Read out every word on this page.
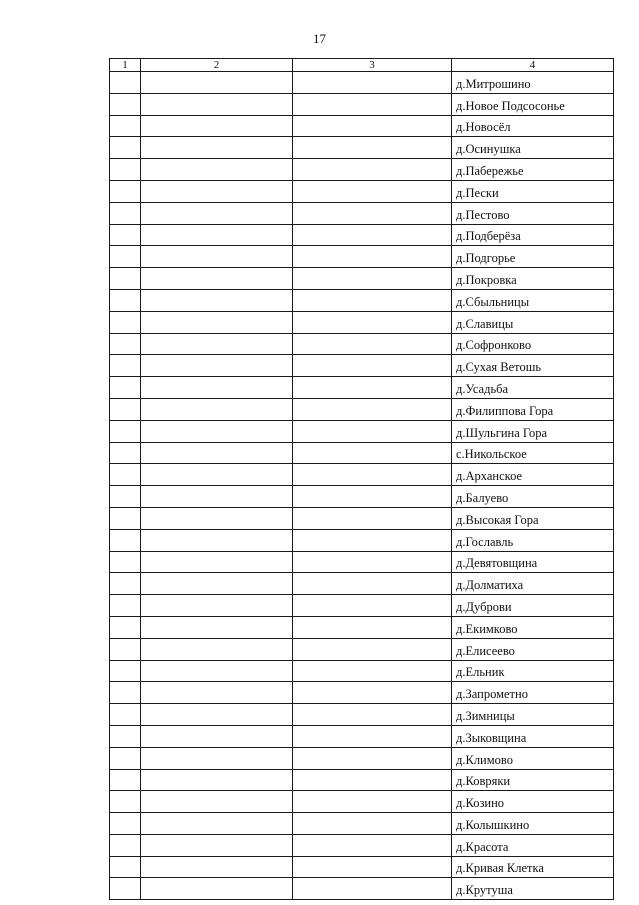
17
1	2	3	4
			д.Митрошино
			д.Новое Подсосонье
			д.Новосёл
			д.Осинушка
			д.Паберeжье
			д.Пески
			д.Пестово
			д.Подберёза
			д.Подгорье
			д.Покровка
			д.Сбыльницы
			д.Славицы
			д.Софронково
			д.Сухая Ветошь
			д.Усадьба
			д.Филиппова Гора
			д.Шульгина Гора
			с.Никольское
			д.Арханское
			д.Балуево
			д.Высокая Гора
			д.Гославль
			д.Девятовщина
			д.Долматиха
			д.Дуброви
			д.Екимково
			д.Елисеево
			д.Ельник
			д.Запрометно
			д.Зимницы
			д.Зыковщина
			д.Климово
			д.Ковряки
			д.Козино
			д.Колышкино
			д.Красота
			д.Кривая Клетка
			д.Крутуша
